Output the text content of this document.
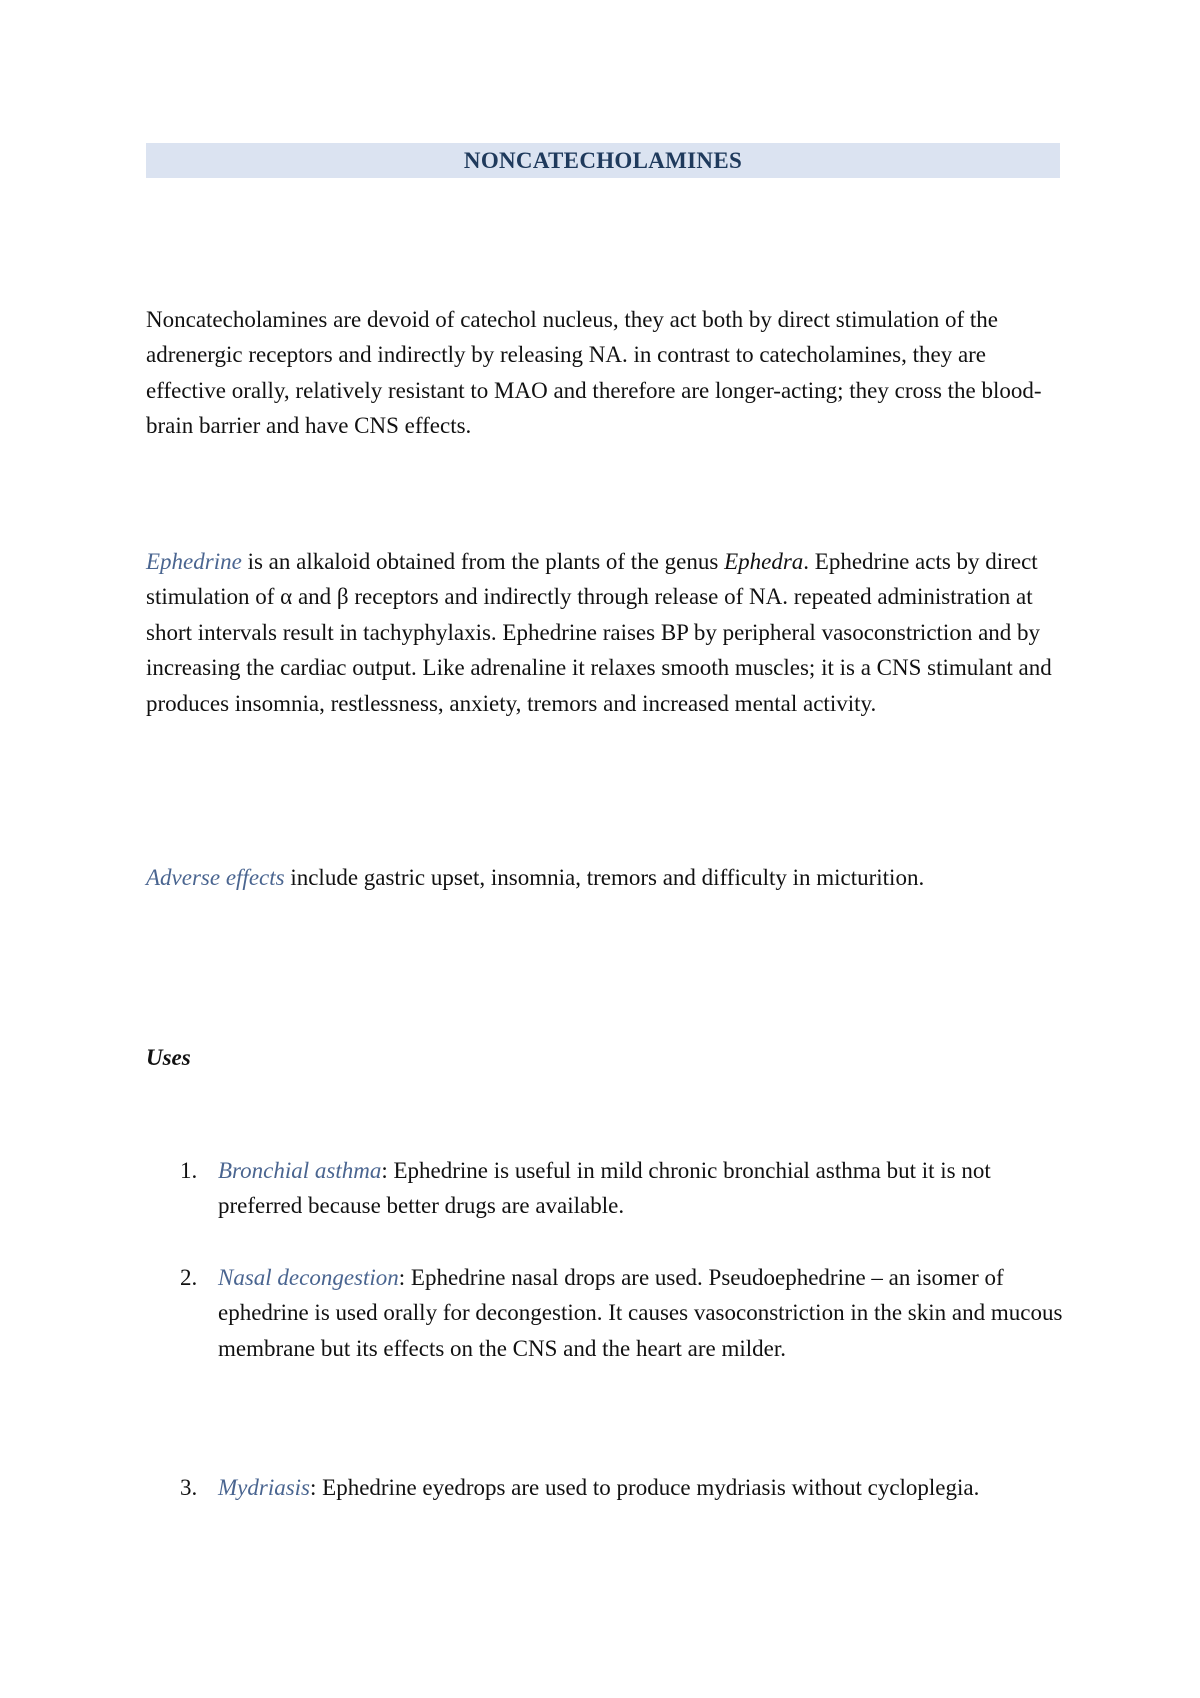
NONCATECHOLAMINES

Noncatecholamines are devoid of catechol nucleus, they act both by direct stimulation of the adrenergic receptors and indirectly by releasing NA. in contrast to catecholamines, they are effective orally, relatively resistant to MAO and therefore are longer-acting; they cross the blood-brain barrier and have CNS effects.

Ephedrine is an alkaloid obtained from the plants of the genus Ephedra. Ephedrine acts by direct stimulation of α and β receptors and indirectly through release of NA. repeated administration at short intervals result in tachyphylaxis. Ephedrine raises BP by peripheral vasoconstriction and by increasing the cardiac output. Like adrenaline it relaxes smooth muscles; it is a CNS stimulant and produces insomnia, restlessness, anxiety, tremors and increased mental activity.

Adverse effects include gastric upset, insomnia, tremors and difficulty in micturition.

Uses

1. Bronchial asthma: Ephedrine is useful in mild chronic bronchial asthma but it is not preferred because better drugs are available.
2. Nasal decongestion: Ephedrine nasal drops are used. Pseudoephedrine – an isomer of ephedrine is used orally for decongestion. It causes vasoconstriction in the skin and mucous membrane but its effects on the CNS and the heart are milder.
3. Mydriasis: Ephedrine eyedrops are used to produce mydriasis without cycloplegia.
